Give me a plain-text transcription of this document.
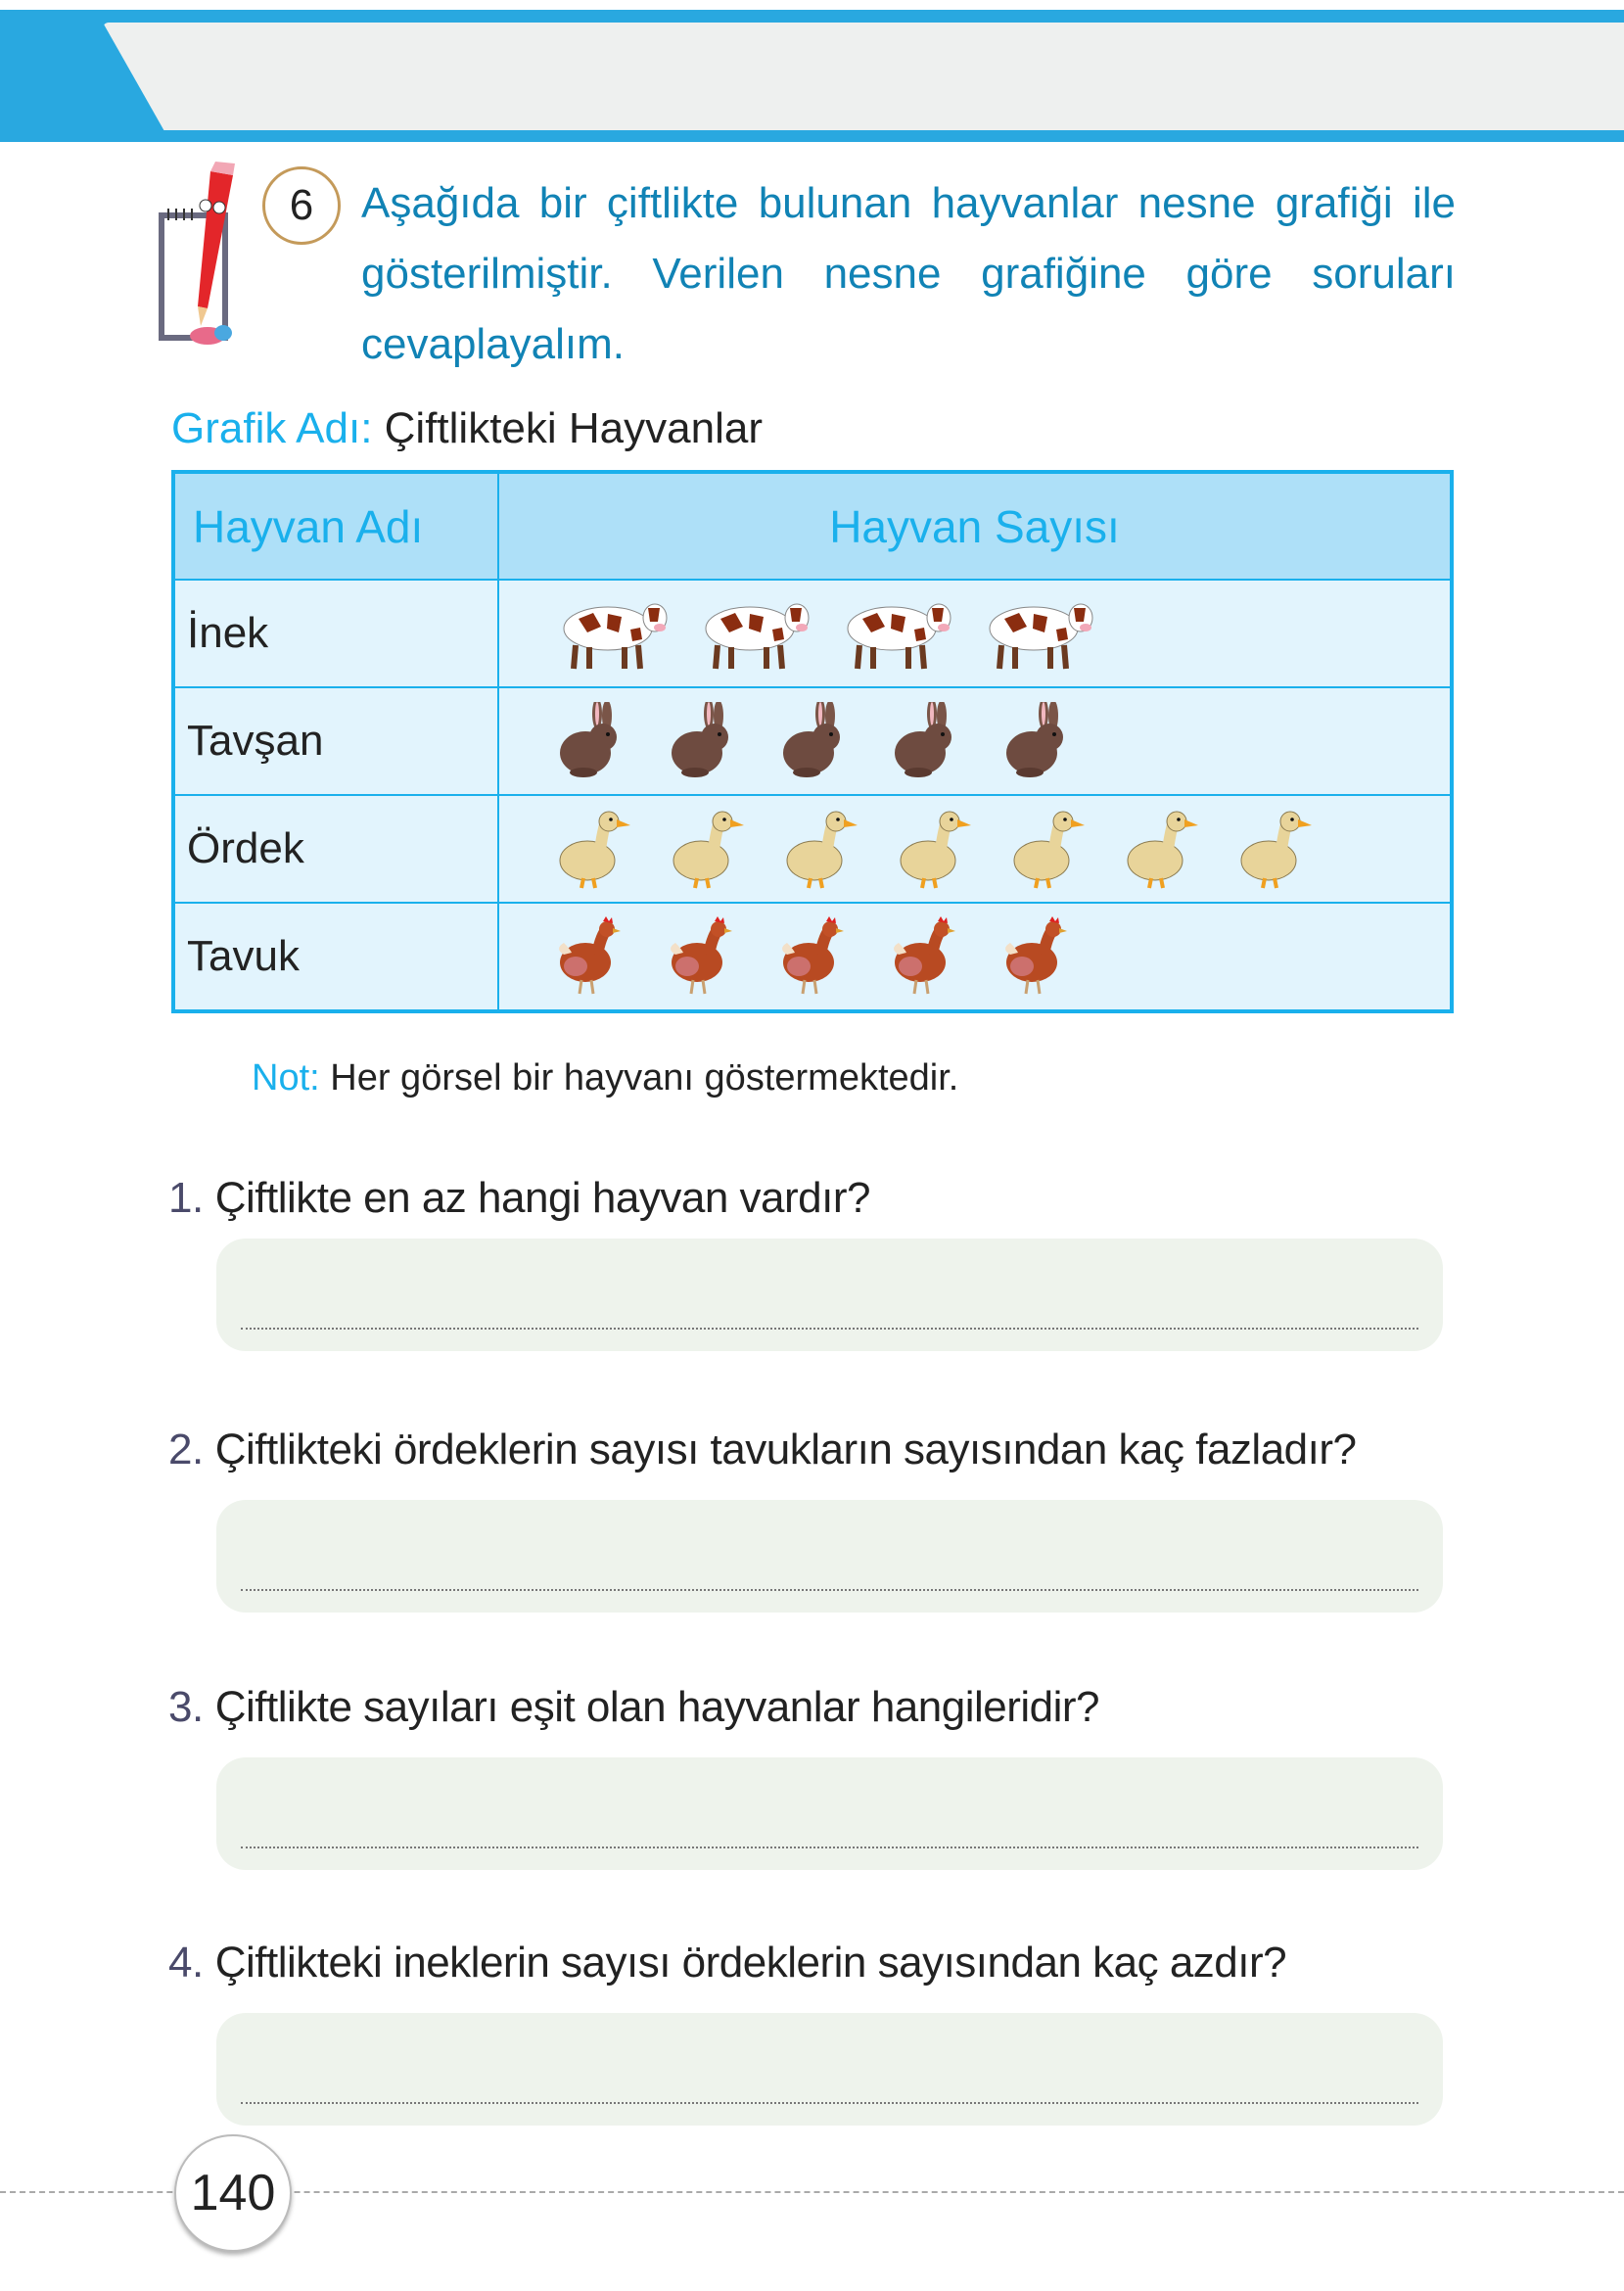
6	Aşağıda bir çiftlikte bulunan hayvanlar nesne grafiği ile gösterilmiştir. Verilen nesne grafiğine göre soruları cevaplayalım.
Grafik Adı: Çiftlikteki Hayvanlar
Hayvan Adı	Hayvan Sayısı
İnek	

Tavşan	

Ördek	

Tavuk	
Not: Her görsel bir hayvanı göstermektedir.
1. Çiftlikte en az hangi hayvan vardır?
2. Çiftlikteki ördeklerin sayısı tavukların sayısından kaç fazladır?
3. Çiftlikte sayıları eşit olan hayvanlar hangileridir?
4. Çiftlikteki ineklerin sayısı ördeklerin sayısından kaç azdır?
140
